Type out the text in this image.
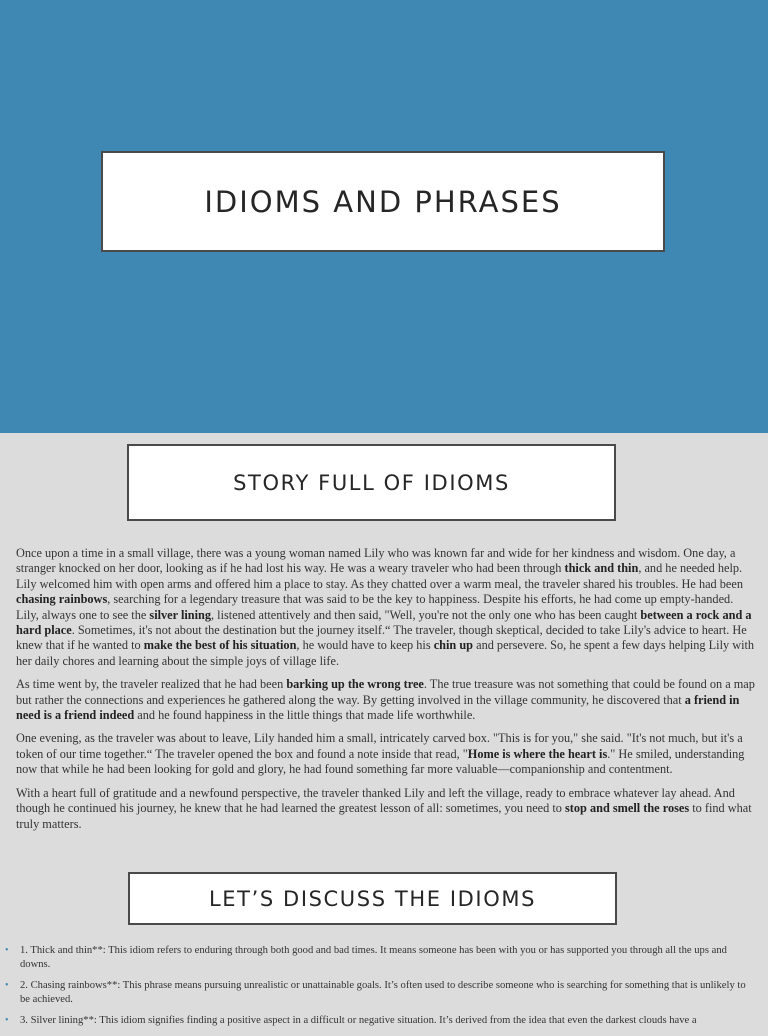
IDIOMS AND PHRASES
STORY FULL OF IDIOMS

Once upon a time in a small village, there was a young woman named Lily who was known far and wide for her kindness and wisdom. One day, a stranger knocked on her door, looking as if he had lost his way. He was a weary traveler who had been through thick and thin, and he needed help. Lily welcomed him with open arms and offered him a place to stay. As they chatted over a warm meal, the traveler shared his troubles. He had been chasing rainbows, searching for a legendary treasure that was said to be the key to happiness. Despite his efforts, he had come up empty-handed. Lily, always one to see the silver lining, listened attentively and then said, "Well, you're not the only one who has been caught between a rock and a hard place. Sometimes, it's not about the destination but the journey itself.“ The traveler, though skeptical, decided to take Lily's advice to heart. He knew that if he wanted to make the best of his situation, he would have to keep his chin up and persevere. So, he spent a few days helping Lily with her daily chores and learning about the simple joys of village life.

As time went by, the traveler realized that he had been barking up the wrong tree. The true treasure was not something that could be found on a map but rather the connections and experiences he gathered along the way. By getting involved in the village community, he discovered that a friend in need is a friend indeed and he found happiness in the little things that made life worthwhile.

One evening, as the traveler was about to leave, Lily handed him a small, intricately carved box. "This is for you," she said. "It's not much, but it's a token of our time together.“ The traveler opened the box and found a note inside that read, "Home is where the heart is." He smiled, understanding now that while he had been looking for gold and glory, he had found something far more valuable—companionship and contentment.

With a heart full of gratitude and a newfound perspective, the traveler thanked Lily and left the village, ready to embrace whatever lay ahead. And though he continued his journey, he knew that he had learned the greatest lesson of all: sometimes, you need to stop and smell the roses to find what truly matters.

LET’S DISCUSS THE IDIOMS
• 1. Thick and thin**: This idiom refers to enduring through both good and bad times. It means someone has been with you or has supported you through all the ups and downs.
• 2. Chasing rainbows**: This phrase means pursuing unrealistic or unattainable goals. It’s often used to describe someone who is searching for something that is unlikely to be achieved.
• 3. Silver lining**: This idiom signifies finding a positive aspect in a difficult or negative situation. It’s derived from the idea that even the darkest clouds have a
